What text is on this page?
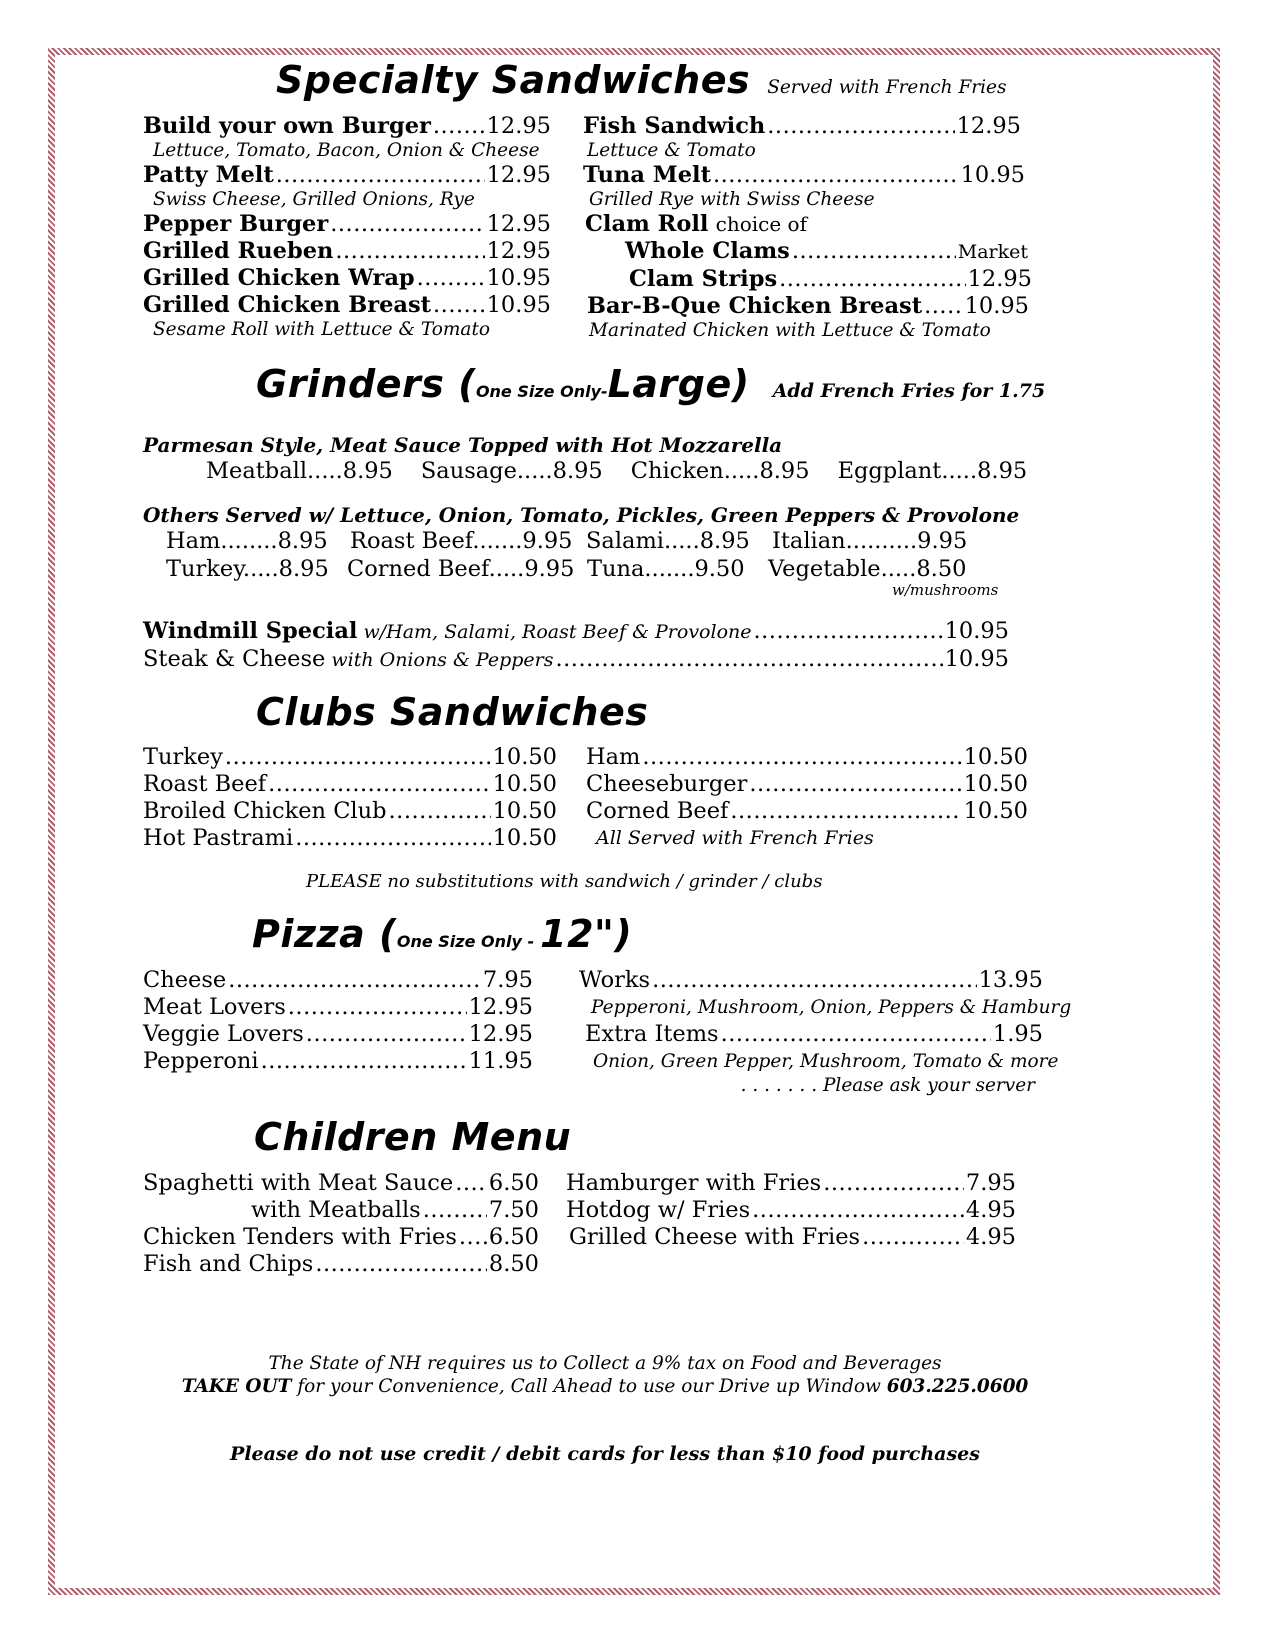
Specialty Sandwiches Served with French Fries
Build your own Burger ..... 12.95
Lettuce, Tomato, Bacon, Onion & Cheese
Patty Melt .....	12.95
Swiss Cheese, Grilled Onions, Rye
Pepper Burger .....	12.95
Grilled Rueben .....	12.95
Grilled Chicken Wrap .....	10.95
Grilled Chicken Breast ..... 10.95
Sesame Roll with Lettuce & Tomato
Fish Sandwich .....	12.95
Lettuce & Tomato
Tuna Melt .....	10.95
Grilled Rye with Swiss Cheese
Clam Roll choice of
Whole Clams .....	Market
Clam Strips .....	12.95
Bar-B-Que Chicken Breast ..... 10.95
Marinated Chicken with Lettuce & Tomato
Grinders (One Size Only-Large) Add French Fries for 1.75
Parmesan Style, Meat Sauce Topped with Hot Mozzarella
Meatball.....8.95 Sausage.....8.95 Chicken.....8.95 Eggplant.....8.95
Others Served w/ Lettuce, Onion, Tomato, Pickles, Green Peppers & Provolone
Ham........8.95 Roast Beef.......9.95 Salami.....8.95 Italian..........9.95
Turkey.....8.95 Corned Beef.....9.95 Tuna.......9.50 Vegetable.....8.50
w/mushrooms
Windmill Special w/Ham, Salami, Roast Beef & Provolone .....	10.95
Steak & Cheese with Onions & Peppers .....	10.95
Clubs Sandwiches
Turkey .....	10.50
Roast Beef .....	10.50
Broiled Chicken Club .....	10.50
Hot Pastrami .....	10.50
Ham .....	10.50
Cheeseburger .....	10.50
Corned Beef .....	10.50
All Served with French Fries
PLEASE no substitutions with sandwich / grinder / clubs
Pizza (One Size Only - 12")
Cheese .....	7.95
Meat Lovers .....	12.95
Veggie Lovers .....	12.95
Pepperoni .....	11.95
Works .....	13.95
Pepperoni, Mushroom, Onion, Peppers & Hamburg
Extra Items .....	1.95
Onion, Green Pepper, Mushroom, Tomato & more
. . . . . . . Please ask your server
Children Menu
Spaghetti with Meat Sauce ..... 6.50
with Meatballs .....	7.50
Chicken Tenders with Fries ..... 6.50
Fish and Chips .....	8.50
Hamburger with Fries .....	7.95
Hotdog w/ Fries .....	4.95
Grilled Cheese with Fries .....	4.95
The State of NH requires us to Collect a 9% tax on Food and Beverages
TAKE OUT for your Convenience, Call Ahead to use our Drive up Window 603.225.0600
Please do not use credit / debit cards for less than $10 food purchases
